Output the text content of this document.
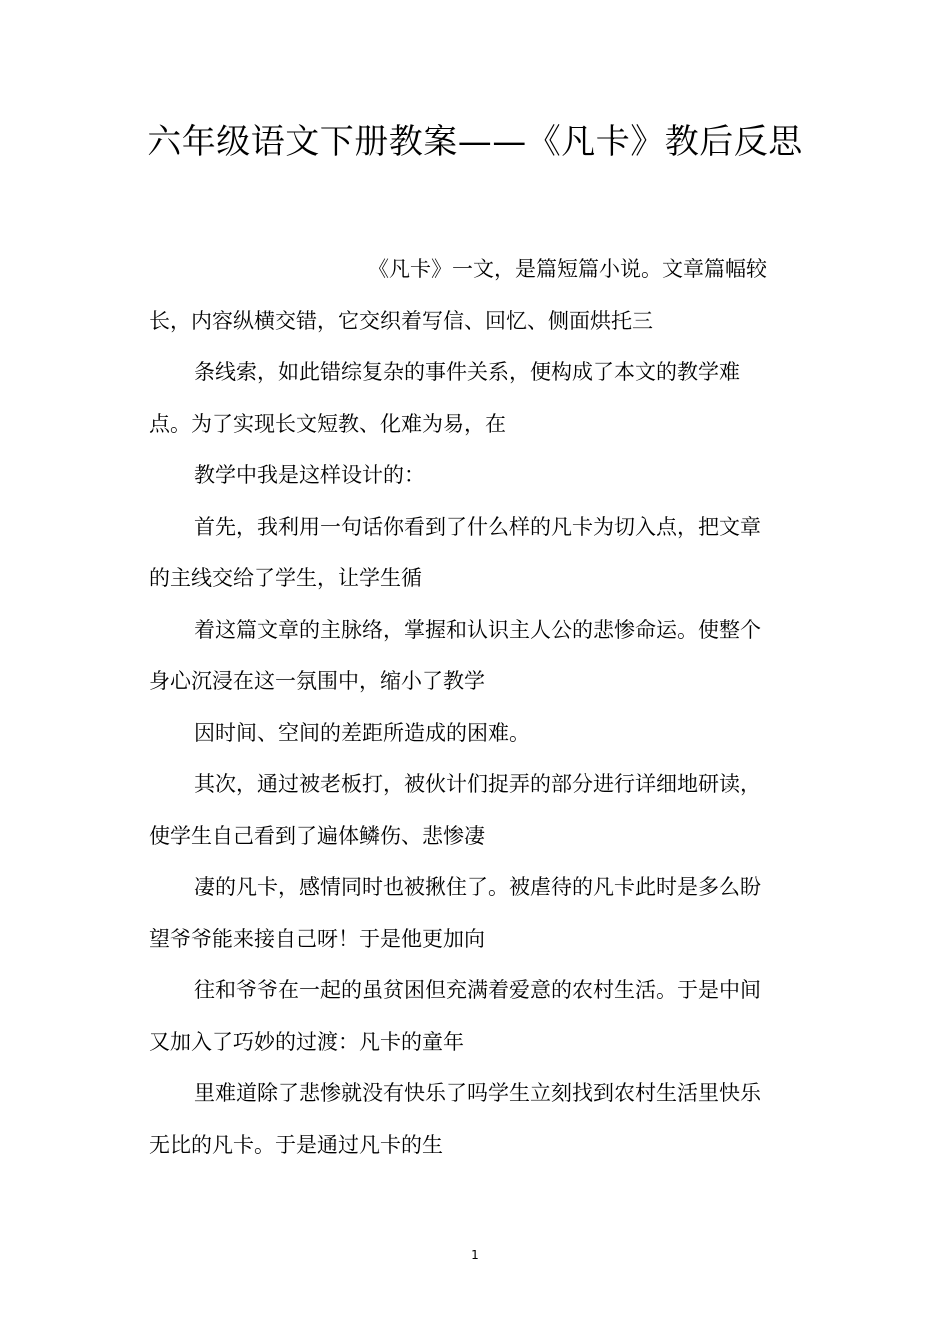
六年级语文下册教案——《凡卡》教后反思
《凡卡》一文，是篇短篇小说。文章篇幅较
长，内容纵横交错，它交织着写信、回忆、侧面烘托三
条线索，如此错综复杂的事件关系，便构成了本文的教学难
点。为了实现长文短教、化难为易，在
教学中我是这样设计的：
首先，我利用一句话你看到了什么样的凡卡为切入点，把文章
的主线交给了学生，让学生循
着这篇文章的主脉络，掌握和认识主人公的悲惨命运。使整个
身心沉浸在这一氛围中，缩小了教学
因时间、空间的差距所造成的困难。
其次，通过被老板打，被伙计们捉弄的部分进行详细地研读，
使学生自己看到了遍体鳞伤、悲惨凄
凄的凡卡，感情同时也被揪住了。被虐待的凡卡此时是多么盼
望爷爷能来接自己呀！于是他更加向
往和爷爷在一起的虽贫困但充满着爱意的农村生活。于是中间
又加入了巧妙的过渡：凡卡的童年
里难道除了悲惨就没有快乐了吗学生立刻找到农村生活里快乐
无比的凡卡。于是通过凡卡的生
1
